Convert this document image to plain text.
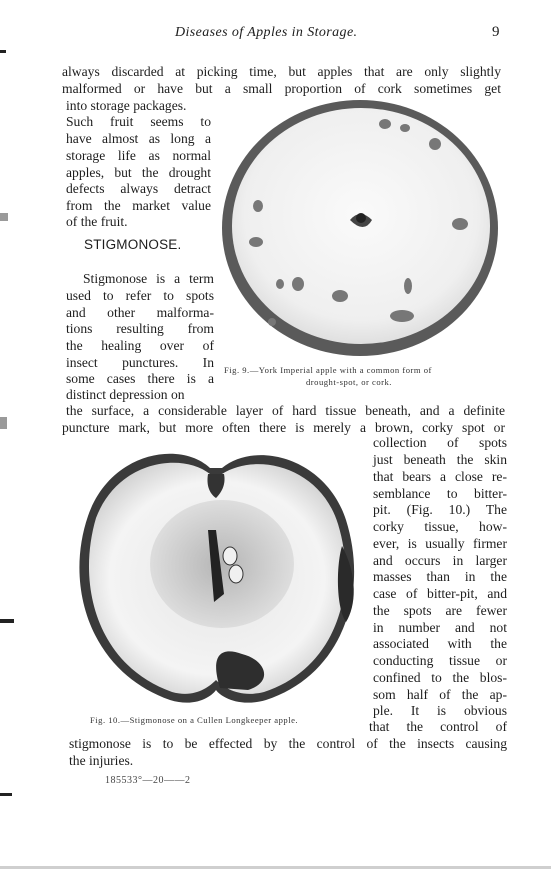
Diseases of Apples in Storage.	9
always discarded at picking time, but apples that are only slightly
malformed or have but a small proportion of cork sometimes get
into storage packages.
Such fruit seems to
have almost as long a
storage life as normal
apples, but the drought
defects always detract
from the market value
of the fruit.
STIGMONOSE.
Stigmonose is a term
used to refer to spots
and other malforma-
tions resulting from
the healing over of
insect punctures. In
some cases there is a
distinct depression on
Fig. 9.—York Imperial apple with a common form of
drought-spot, or cork.
the surface, a considerable layer of hard tissue beneath, and a definite
puncture mark, but more often there is merely a brown, corky spot or
Fig. 10.—Stigmonose on a Cullen Longkeeper apple.
collection of spots
just beneath the skin
that bears a close re-
semblance to bitter-
pit. (Fig. 10.) The
corky tissue, how-
ever, is usually firmer
and occurs in larger
masses than in the
case of bitter-pit, and
the spots are fewer
in number and not
associated with the
conducting tissue or
confined to the blos-
som half of the ap-
ple. It is obvious
that the control of
stigmonose is to be effected by the control of the insects causing
the injuries.
185533°—20——2
